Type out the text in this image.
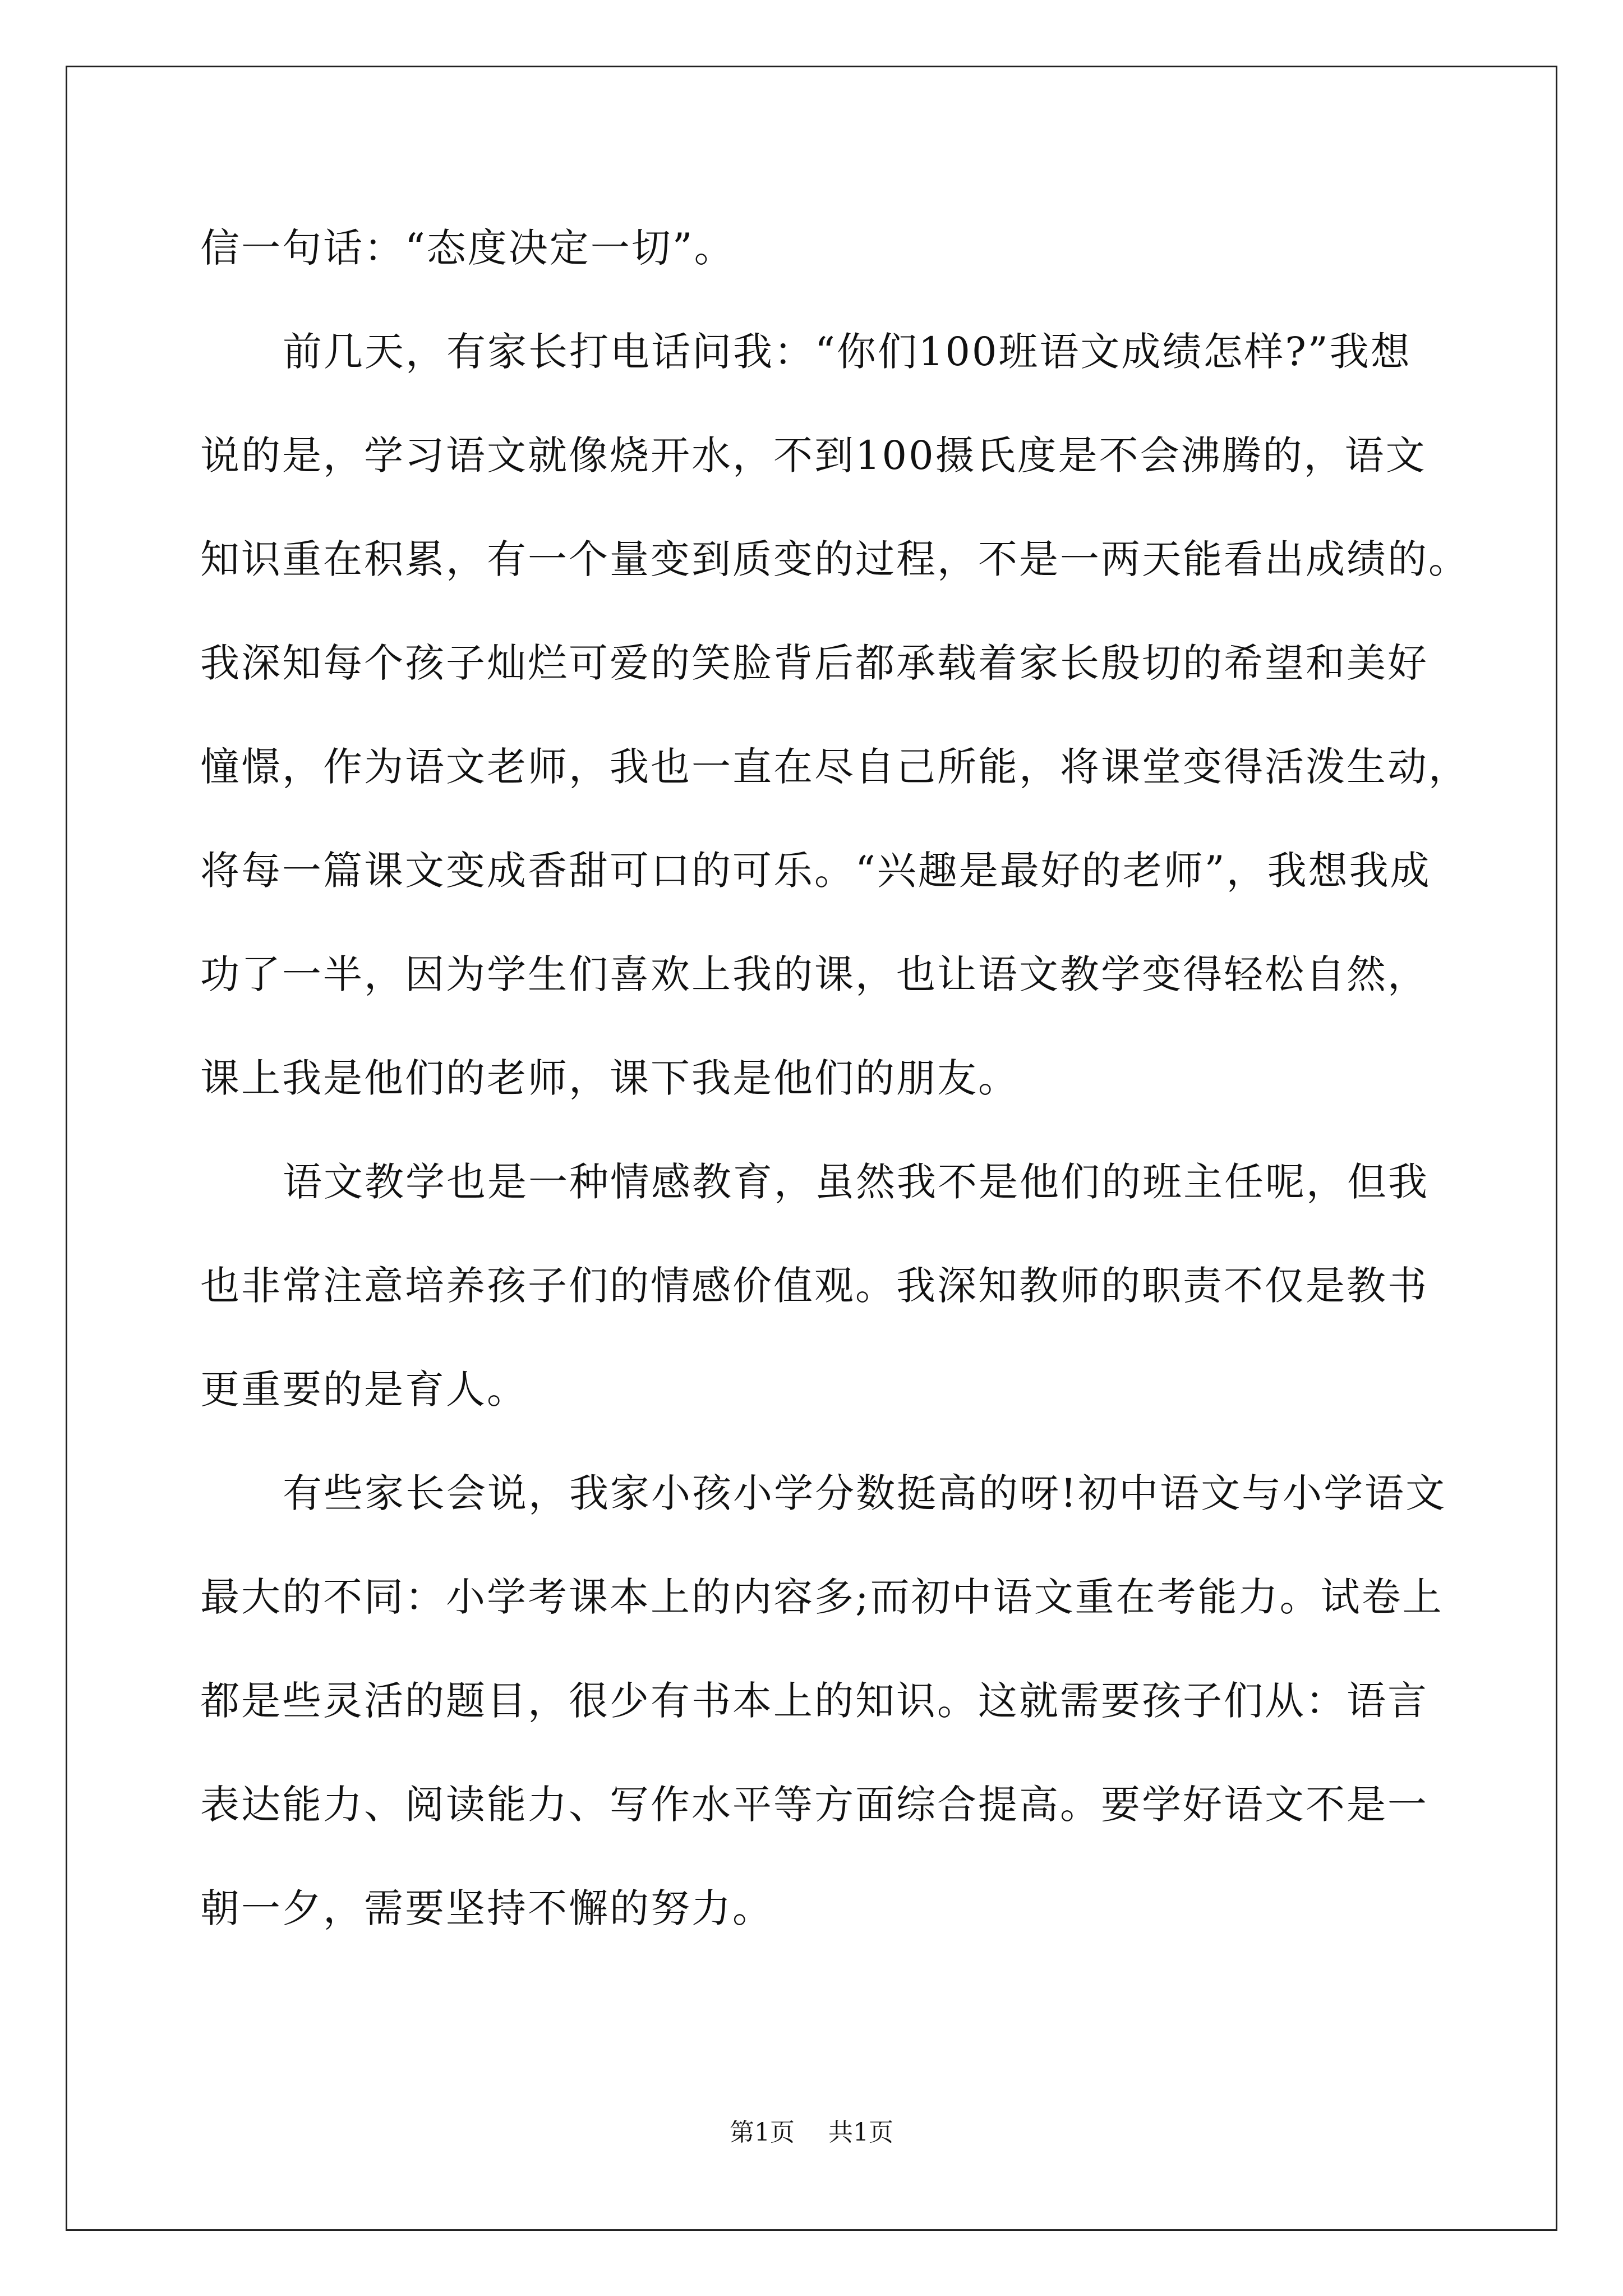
信一句话：“态度决定一切”。

前几天，有家长打电话问我：“你们100班语文成绩怎样?”我想

说的是，学习语文就像烧开水，不到100摄氏度是不会沸腾的，语文

知识重在积累，有一个量变到质变的过程，不是一两天能看出成绩的。

我深知每个孩子灿烂可爱的笑脸背后都承载着家长殷切的希望和美好

憧憬，作为语文老师，我也一直在尽自己所能，将课堂变得活泼生动，

将每一篇课文变成香甜可口的可乐。“兴趣是最好的老师”，我想我成

功了一半，因为学生们喜欢上我的课，也让语文教学变得轻松自然，

课上我是他们的老师，课下我是他们的朋友。

语文教学也是一种情感教育，虽然我不是他们的班主任呢，但我

也非常注意培养孩子们的情感价值观。我深知教师的职责不仅是教书

更重要的是育人。

有些家长会说，我家小孩小学分数挺高的呀!初中语文与小学语文

最大的不同：小学考课本上的内容多;而初中语文重在考能力。试卷上

都是些灵活的题目，很少有书本上的知识。这就需要孩子们从：语言

表达能力、阅读能力、写作水平等方面综合提高。要学好语文不是一

朝一夕，需要坚持不懈的努力。

第1页 共1页
